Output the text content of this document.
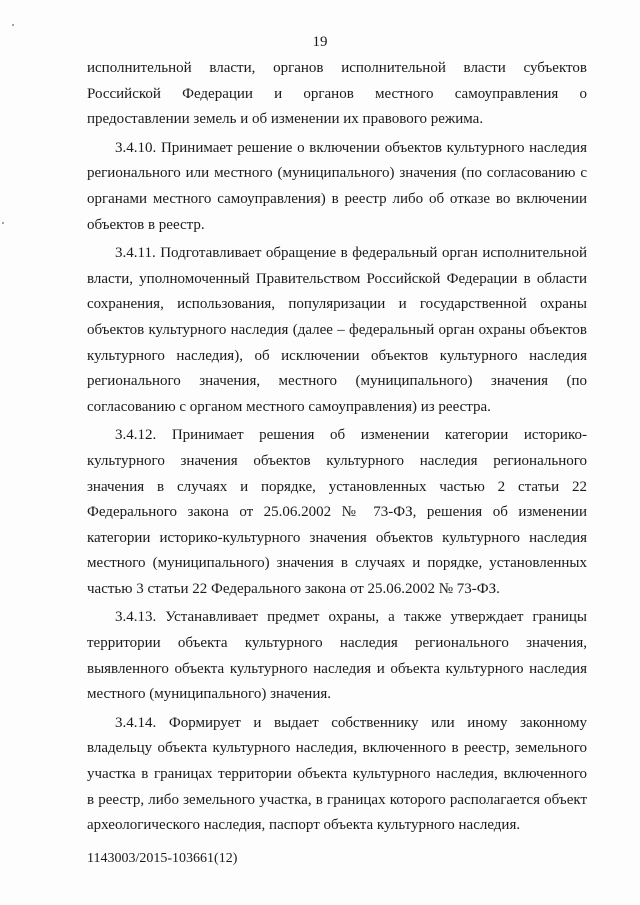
19
исполнительной власти, органов исполнительной власти субъектов
Российской Федерации и органов местного самоуправления о
предоставлении земель и об изменении их правового режима.
3.4.10. Принимает решение о включении объектов культурного наследия
регионального или местного (муниципального) значения (по согласованию с
органами местного самоуправления) в реестр либо об отказе во включении
объектов в реестр.
3.4.11. Подготавливает обращение в федеральный орган исполнительной
власти, уполномоченный Правительством Российской Федерации в области
сохранения, использования, популяризации и государственной охраны
объектов культурного наследия (далее – федеральный орган охраны объектов
культурного наследия), об исключении объектов культурного наследия
регионального значения, местного (муниципального) значения (по
согласованию с органом местного самоуправления) из реестра.
3.4.12. Принимает решения об изменении категории историко-
культурного значения объектов культурного наследия регионального
значения в случаях и порядке, установленных частью 2 статьи 22
Федерального закона от 25.06.2002 № 73-ФЗ, решения об изменении
категории историко-культурного значения объектов культурного наследия
местного (муниципального) значения в случаях и порядке, установленных
частью 3 статьи 22 Федерального закона от 25.06.2002 № 73-ФЗ.
3.4.13. Устанавливает предмет охраны, а также утверждает границы
территории объекта культурного наследия регионального значения,
выявленного объекта культурного наследия и объекта культурного наследия
местного (муниципального) значения.
3.4.14. Формирует и выдает собственнику или иному законному
владельцу объекта культурного наследия, включенного в реестр, земельного
участка в границах территории объекта культурного наследия, включенного
в реестр, либо земельного участка, в границах которого располагается объект
археологического наследия, паспорт объекта культурного наследия.
1143003/2015-103661(12)
